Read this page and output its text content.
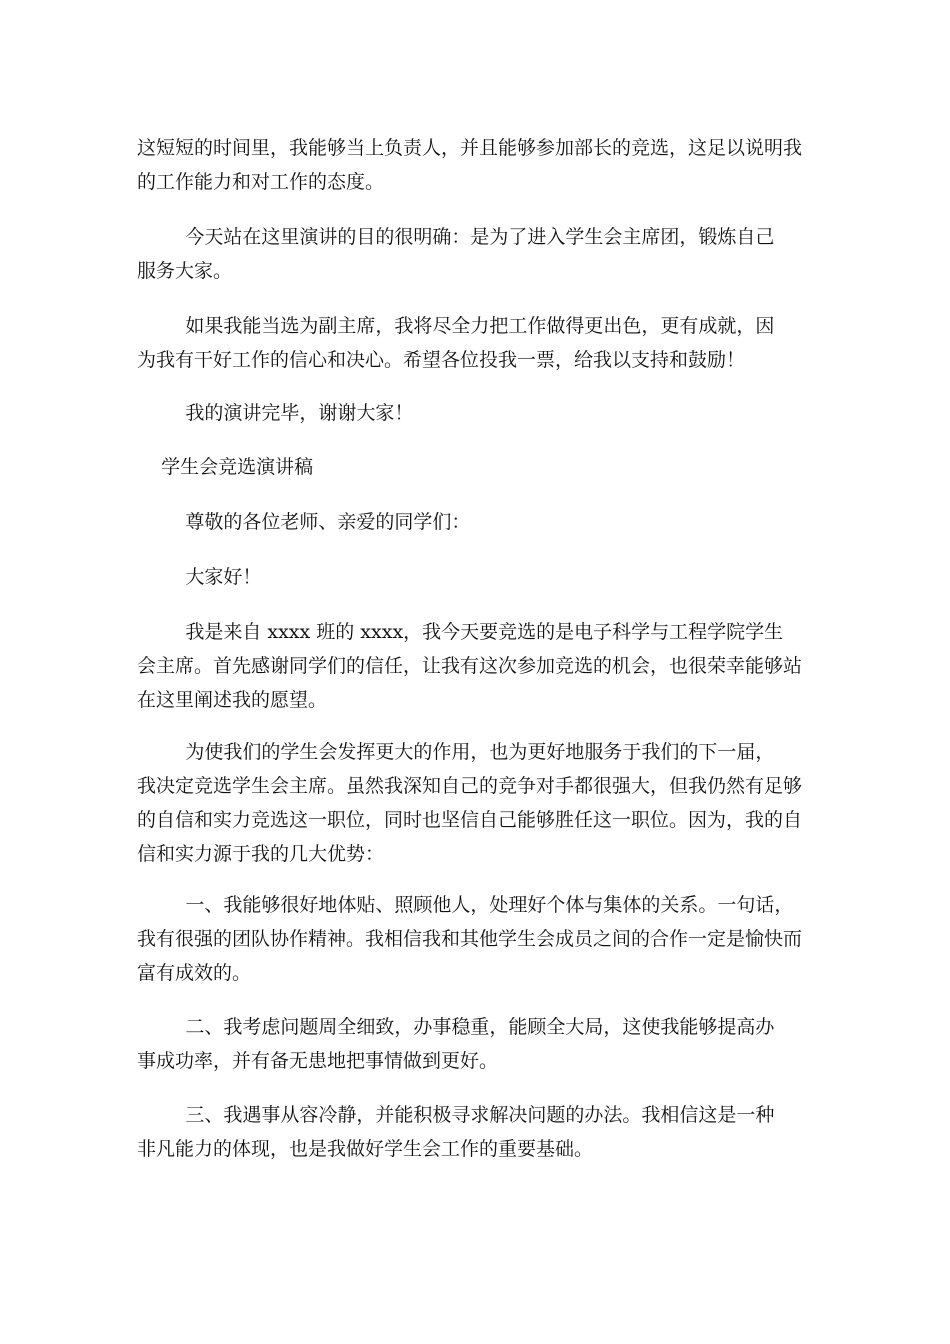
这短短的时间里，我能够当上负责人，并且能够参加部长的竞选，这足以说明我
的工作能力和对工作的态度。

今天站在这里演讲的目的很明确：是为了进入学生会主席团，锻炼自己
服务大家。

如果我能当选为副主席，我将尽全力把工作做得更出色，更有成就，因
为我有干好工作的信心和决心。希望各位投我一票，给我以支持和鼓励！

我的演讲完毕，谢谢大家！

学生会竞选演讲稿

尊敬的各位老师、亲爱的同学们：

大家好！

我是来自 xxxx 班的 xxxx，我今天要竞选的是电子科学与工程学院学生
会主席。首先感谢同学们的信任，让我有这次参加竞选的机会，也很荣幸能够站
在这里阐述我的愿望。

为使我们的学生会发挥更大的作用，也为更好地服务于我们的下一届，
我决定竞选学生会主席。虽然我深知自己的竞争对手都很强大，但我仍然有足够
的自信和实力竞选这一职位，同时也坚信自己能够胜任这一职位。因为，我的自
信和实力源于我的几大优势：

一、我能够很好地体贴、照顾他人，处理好个体与集体的关系。一句话，
我有很强的团队协作精神。我相信我和其他学生会成员之间的合作一定是愉快而
富有成效的。

二、我考虑问题周全细致，办事稳重，能顾全大局，这使我能够提高办
事成功率，并有备无患地把事情做到更好。

三、我遇事从容冷静，并能积极寻求解决问题的办法。我相信这是一种
非凡能力的体现，也是我做好学生会工作的重要基础。
